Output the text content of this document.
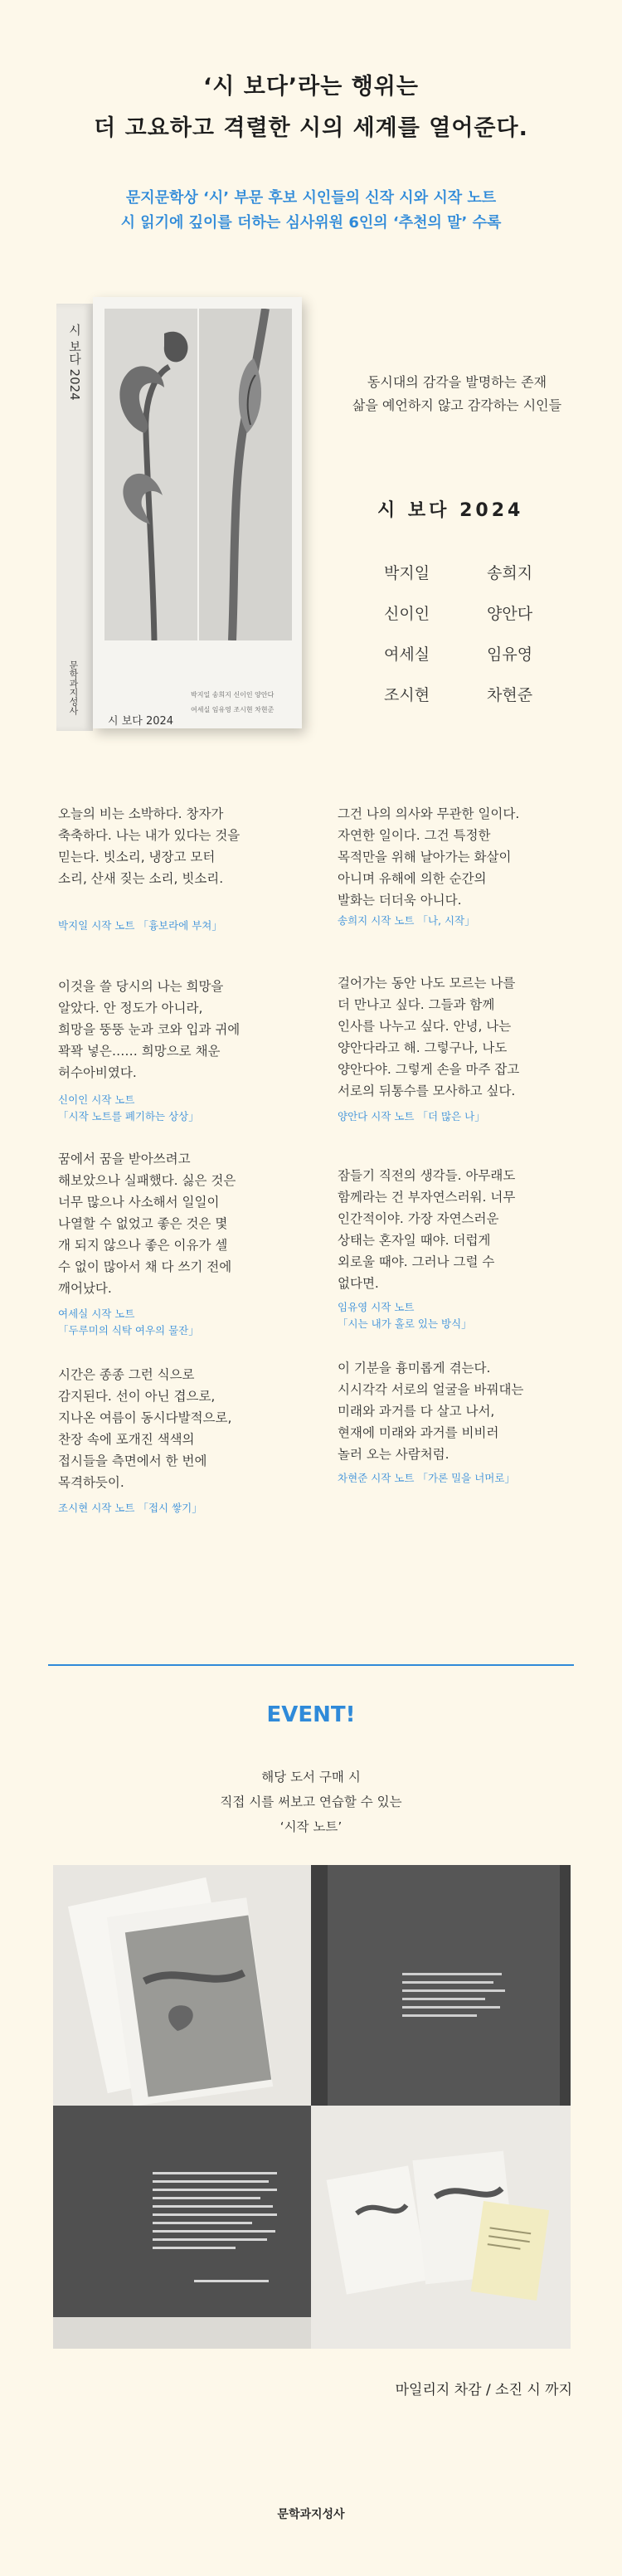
‘시 보다’라는 행위는
더 고요하고 격렬한 시의 세계를 열어준다.
문지문학상 ‘시’ 부문 후보 시인들의 신작 시와 시작 노트
시 읽기에 깊이를 더하는 심사위원 6인의 ‘추천의 말’ 수록
시 보다 2024
문학과지성사
시 보다 2024
박지일 송희지 신이인 양안다
여세실 임유영 조시현 차현준
동시대의 감각을 발명하는 존재
삶을 예언하지 않고 감각하는 시인들
시 보다 2024
박지일	송희지
신이인	양안다
여세실	임유영
조시현	차현준
오늘의 비는 소박하다. 창자가
축축하다. 나는 내가 있다는 것을
믿는다. 빗소리, 냉장고 모터
소리, 산새 짖는 소리, 빗소리.
박지일 시작 노트 「흉보라에 부쳐」
이것을 쓸 당시의 나는 희망을
알았다. 안 정도가 아니라,
희망을 뚱뚱 눈과 코와 입과 귀에
꽉꽉 넣은…… 희망으로 채운
허수아비였다.
신이인 시작 노트
「시작 노트를 폐기하는 상상」
꿈에서 꿈을 받아쓰려고
해보았으나 실패했다. 싫은 것은
너무 많으나 사소해서 일일이
나열할 수 없었고 좋은 것은 몇
개 되지 않으나 좋은 이유가 셀
수 없이 많아서 채 다 쓰기 전에
깨어났다.
여세실 시작 노트
「두루미의 식탁 여우의 물잔」
시간은 종종 그런 식으로
감지된다. 선이 아닌 겹으로,
지나온 여름이 동시다발적으로,
찬장 속에 포개진 색색의
접시들을 측면에서 한 번에
목격하듯이.
조시현 시작 노트 「접시 쌓기」
그건 나의 의사와 무관한 일이다.
자연한 일이다. 그건 특정한
목적만을 위해 날아가는 화살이
아니며 유해에 의한 순간의
발화는 더더욱 아니다.
송희지 시작 노트 「나, 시작」
걸어가는 동안 나도 모르는 나를
더 만나고 싶다. 그들과 함께
인사를 나누고 싶다. 안녕, 나는
양안다라고 해. 그렇구나, 나도
양안다야. 그렇게 손을 마주 잡고
서로의 뒤통수를 모사하고 싶다.
양안다 시작 노트 「더 많은 나」
잠들기 직전의 생각들. 아무래도
함께라는 건 부자연스러워. 너무
인간적이야. 가장 자연스러운
상태는 혼자일 때야. 더럽게
외로울 때야. 그러나 그럴 수
없다면.
임유영 시작 노트
「시는 내가 홀로 있는 방식」
이 기분을 흉미롭게 겪는다.
시시각각 서로의 얼굴을 바꿔대는
미래와 과거를 다 살고 나서,
현재에 미래와 과거를 비비러
놀러 오는 사람처럼.
차현준 시작 노트 「가론 밀을 너머로」
EVENT!
해당 도서 구매 시
직접 시를 써보고 연습할 수 있는
‘시작 노트’
마일리지 차감 / 소진 시 까지
문학과지성사
